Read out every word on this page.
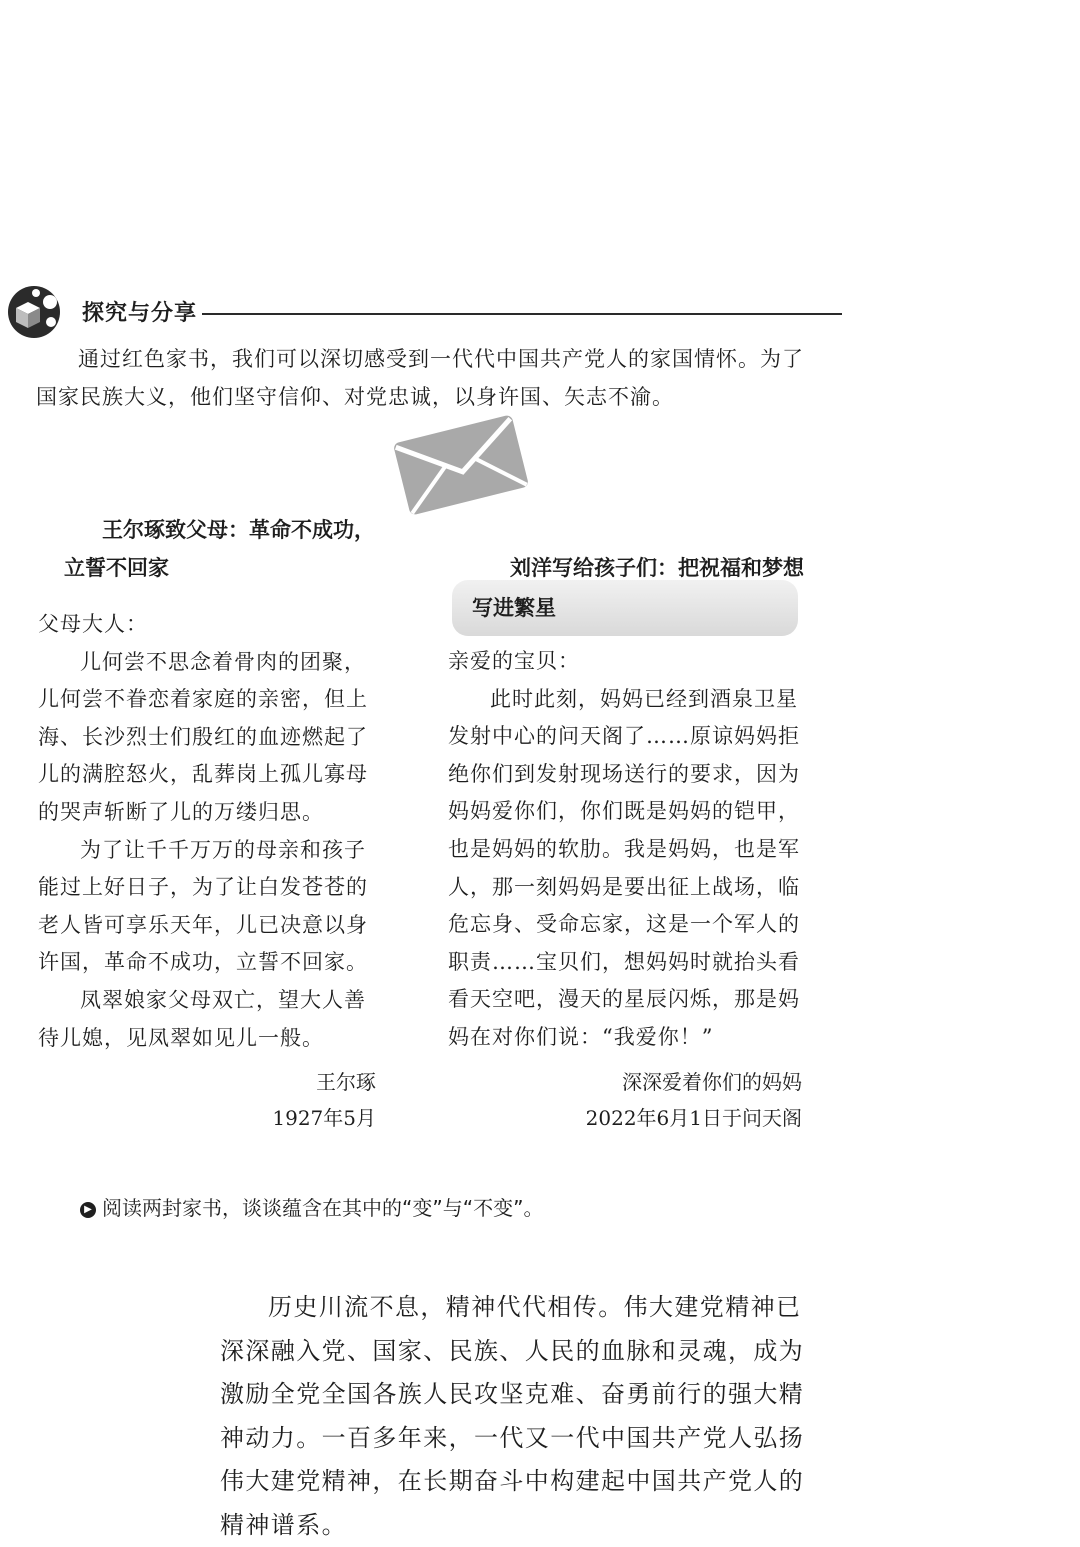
探究与分享

通过红色家书，我们可以深切感受到一代代中国共产党人的家国情怀。为了国家民族大义，他们坚守信仰、对党忠诚，以身许国、矢志不渝。

王尔琢致父母：革命不成功，
立誓不回家	刘洋写给孩子们：把祝福和梦想
写进繁星

父母大人：

儿何尝不思念着骨肉的团聚，儿何尝不眷恋着家庭的亲密，但上海、长沙烈士们殷红的血迹燃起了儿的满腔怒火，乱葬岗上孤儿寡母的哭声斩断了儿的万缕归思。

为了让千千万万的母亲和孩子能过上好日子，为了让白发苍苍的老人皆可享乐天年，儿已决意以身许国，革命不成功，立誓不回家。

凤翠娘家父母双亡，望大人善待儿媳，见凤翠如见儿一般。

王尔琢
1927年5月

亲爱的宝贝：

此时此刻，妈妈已经到酒泉卫星发射中心的问天阁了……原谅妈妈拒绝你们到发射现场送行的要求，因为妈妈爱你们，你们既是妈妈的铠甲，也是妈妈的软肋。我是妈妈，也是军人，那一刻妈妈是要出征上战场，临危忘身、受命忘家，这是一个军人的职责……宝贝们，想妈妈时就抬头看看天空吧，漫天的星辰闪烁，那是妈妈在对你们说：“我爱你！”

深深爱着你们的妈妈
2022年6月1日于问天阁
▶ 阅读两封家书，谈谈蕴含在其中的“变”与“不变”。

历史川流不息，精神代代相传。伟大建党精神已深深融入党、国家、民族、人民的血脉和灵魂，成为激励全党全国各族人民攻坚克难、奋勇前行的强大精神动力。一百多年来，一代又一代中国共产党人弘扬伟大建党精神，在长期奋斗中构建起中国共产党人的精神谱系。
